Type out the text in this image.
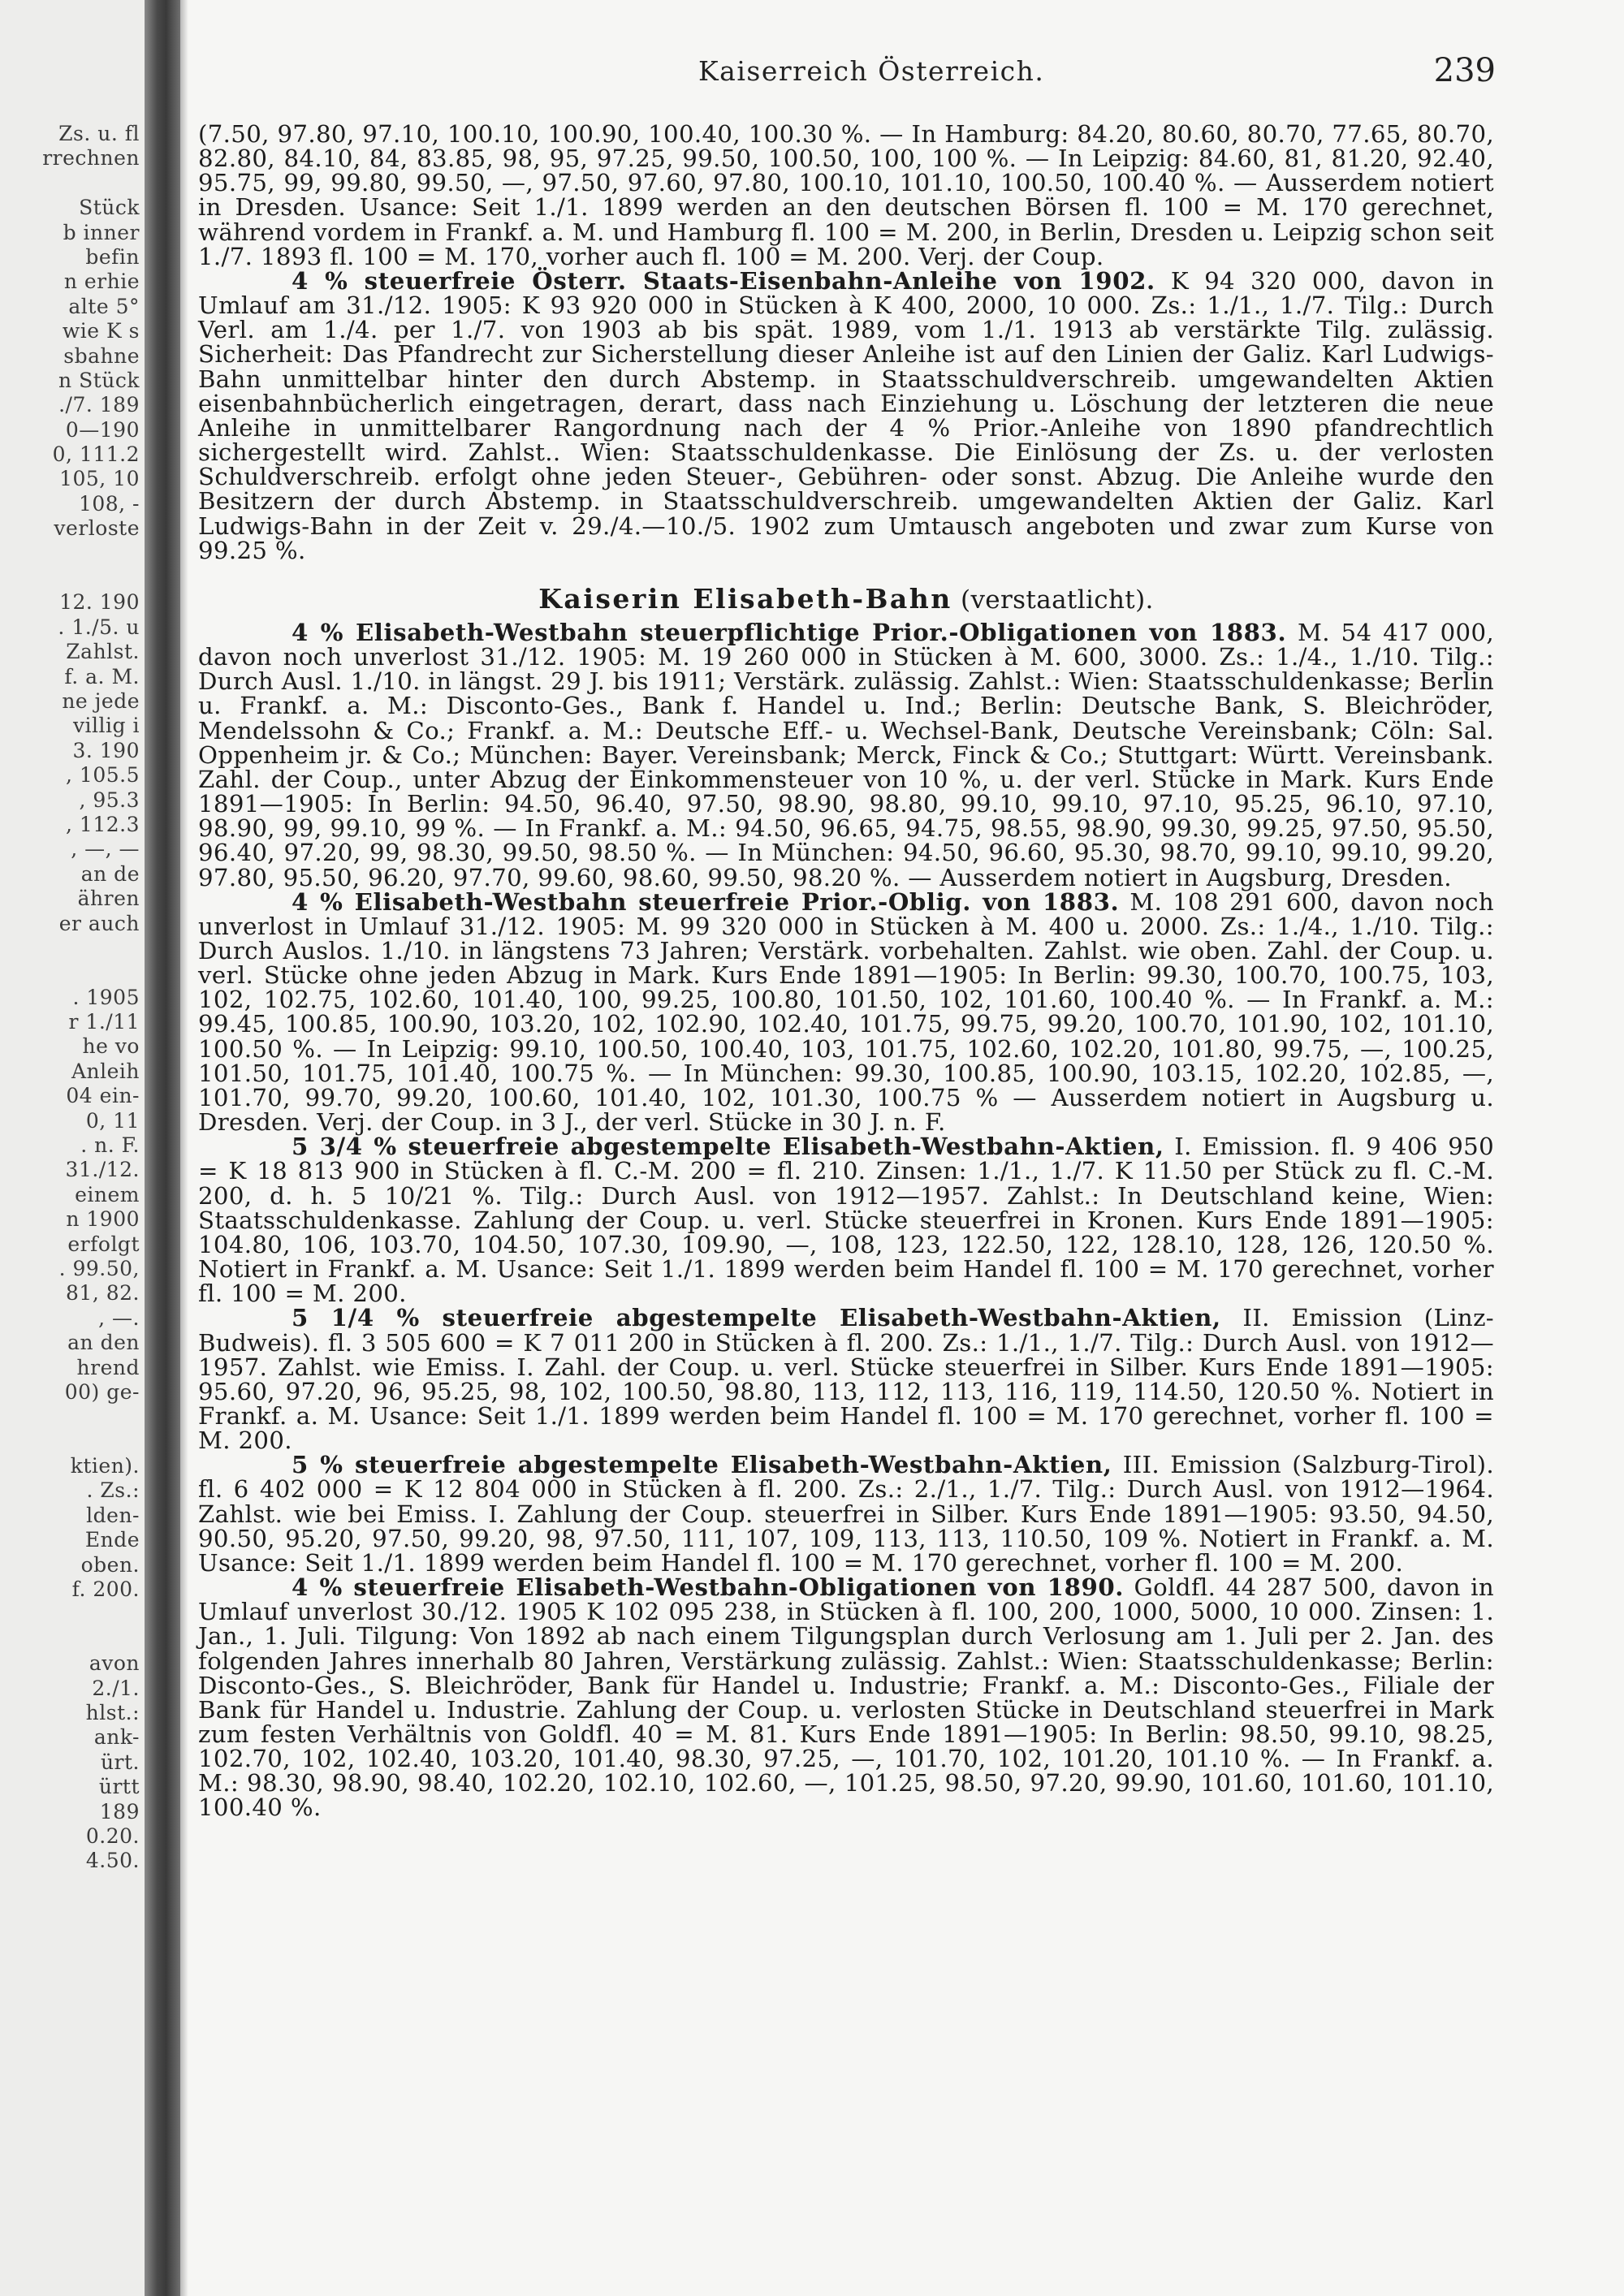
Zs. u. fl
rrechnen
Stück
b inner
befin
n erhie
alte 5°
wie K s
sbahne
n Stück
./7. 189
0—190
0, 111.2
105, 10
108, -
verloste
12. 190
. 1./5. u
Zahlst.
f. a. M.
ne jede
villig i
3. 190
, 105.5
, 95.3
, 112.3
, —, —
an de
ähren
er auch
. 1905
r 1./11
he vo
Anleih
04 ein-
0, 11
. n. F.
31./12.
einem
n 1900
erfolgt
. 99.50,
81, 82.
, —.
an den
hrend
00) ge-
ktien).
. Zs.:
lden-
Ende
oben.
f. 200.
avon
2./1.
hlst.:
ank-
ürt.
ürtt
189
0.20.
4.50.
Kaiserreich Österreich.	239

(7.50, 97.80, 97.10, 100.10, 100.90, 100.40, 100.30 %. — In Hamburg: 84.20, 80.60, 80.70, 77.65, 80.70, 82.80, 84.10, 84, 83.85, 98, 95, 97.25, 99.50, 100.50, 100, 100 %. — In Leipzig: 84.60, 81, 81.20, 92.40, 95.75, 99, 99.80, 99.50, —, 97.50, 97.60, 97.80, 100.10, 101.10, 100.50, 100.40 %. — Ausserdem notiert in Dresden. Usance: Seit 1./1. 1899 werden an den deutschen Börsen fl. 100 = M. 170 gerechnet, während vordem in Frankf. a. M. und Hamburg fl. 100 = M. 200, in Berlin, Dresden u. Leipzig schon seit 1./7. 1893 fl. 100 = M. 170, vorher auch fl. 100 = M. 200. Verj. der Coup.

4 % steuerfreie Österr. Staats-Eisenbahn-Anleihe von 1902. K 94 320 000, davon in Umlauf am 31./12. 1905: K 93 920 000 in Stücken à K 400, 2000, 10 000. Zs.: 1./1., 1./7. Tilg.: Durch Verl. am 1./4. per 1./7. von 1903 ab bis spät. 1989, vom 1./1. 1913 ab verstärkte Tilg. zulässig. Sicherheit: Das Pfandrecht zur Sicherstellung dieser Anleihe ist auf den Linien der Galiz. Karl Ludwigs-Bahn unmittelbar hinter den durch Abstemp. in Staatsschuldverschreib. umgewandelten Aktien eisenbahnbücherlich eingetragen, derart, dass nach Einziehung u. Löschung der letzteren die neue Anleihe in unmittelbarer Rangordnung nach der 4 % Prior.-Anleihe von 1890 pfandrechtlich sichergestellt wird. Zahlst.. Wien: Staatsschuldenkasse. Die Einlösung der Zs. u. der verlosten Schuldverschreib. erfolgt ohne jeden Steuer-, Gebühren- oder sonst. Abzug. Die Anleihe wurde den Besitzern der durch Abstemp. in Staatsschuldverschreib. umgewandelten Aktien der Galiz. Karl Ludwigs-Bahn in der Zeit v. 29./4.—10./5. 1902 zum Umtausch angeboten und zwar zum Kurse von 99.25 %.

Kaiserin Elisabeth-Bahn (verstaatlicht).

4 % Elisabeth-Westbahn steuerpflichtige Prior.-Obligationen von 1883. M. 54 417 000, davon noch unverlost 31./12. 1905: M. 19 260 000 in Stücken à M. 600, 3000. Zs.: 1./4., 1./10. Tilg.: Durch Ausl. 1./10. in längst. 29 J. bis 1911; Verstärk. zulässig. Zahlst.: Wien: Staatsschuldenkasse; Berlin u. Frankf. a. M.: Disconto-Ges., Bank f. Handel u. Ind.; Berlin: Deutsche Bank, S. Bleichröder, Mendelssohn & Co.; Frankf. a. M.: Deutsche Eff.- u. Wechsel-Bank, Deutsche Vereinsbank; Cöln: Sal. Oppenheim jr. & Co.; München: Bayer. Vereinsbank; Merck, Finck & Co.; Stuttgart: Württ. Vereinsbank. Zahl. der Coup., unter Abzug der Einkommensteuer von 10 %, u. der verl. Stücke in Mark. Kurs Ende 1891—1905: In Berlin: 94.50, 96.40, 97.50, 98.90, 98.80, 99.10, 99.10, 97.10, 95.25, 96.10, 97.10, 98.90, 99, 99.10, 99 %. — In Frankf. a. M.: 94.50, 96.65, 94.75, 98.55, 98.90, 99.30, 99.25, 97.50, 95.50, 96.40, 97.20, 99, 98.30, 99.50, 98.50 %. — In München: 94.50, 96.60, 95.30, 98.70, 99.10, 99.10, 99.20, 97.80, 95.50, 96.20, 97.70, 99.60, 98.60, 99.50, 98.20 %. — Ausserdem notiert in Augsburg, Dresden.

4 % Elisabeth-Westbahn steuerfreie Prior.-Oblig. von 1883. M. 108 291 600, davon noch unverlost in Umlauf 31./12. 1905: M. 99 320 000 in Stücken à M. 400 u. 2000. Zs.: 1./4., 1./10. Tilg.: Durch Auslos. 1./10. in längstens 73 Jahren; Verstärk. vorbehalten. Zahlst. wie oben. Zahl. der Coup. u. verl. Stücke ohne jeden Abzug in Mark. Kurs Ende 1891—1905: In Berlin: 99.30, 100.70, 100.75, 103, 102, 102.75, 102.60, 101.40, 100, 99.25, 100.80, 101.50, 102, 101.60, 100.40 %. — In Frankf. a. M.: 99.45, 100.85, 100.90, 103.20, 102, 102.90, 102.40, 101.75, 99.75, 99.20, 100.70, 101.90, 102, 101.10, 100.50 %. — In Leipzig: 99.10, 100.50, 100.40, 103, 101.75, 102.60, 102.20, 101.80, 99.75, —, 100.25, 101.50, 101.75, 101.40, 100.75 %. — In München: 99.30, 100.85, 100.90, 103.15, 102.20, 102.85, —, 101.70, 99.70, 99.20, 100.60, 101.40, 102, 101.30, 100.75 % — Ausserdem notiert in Augsburg u. Dresden. Verj. der Coup. in 3 J., der verl. Stücke in 30 J. n. F.

5 3/4 % steuerfreie abgestempelte Elisabeth-Westbahn-Aktien, I. Emission. fl. 9 406 950 = K 18 813 900 in Stücken à fl. C.-M. 200 = fl. 210. Zinsen: 1./1., 1./7. K 11.50 per Stück zu fl. C.-M. 200, d. h. 5 10/21 %. Tilg.: Durch Ausl. von 1912—1957. Zahlst.: In Deutschland keine, Wien: Staatsschuldenkasse. Zahlung der Coup. u. verl. Stücke steuerfrei in Kronen. Kurs Ende 1891—1905: 104.80, 106, 103.70, 104.50, 107.30, 109.90, —, 108, 123, 122.50, 122, 128.10, 128, 126, 120.50 %. Notiert in Frankf. a. M. Usance: Seit 1./1. 1899 werden beim Handel fl. 100 = M. 170 gerechnet, vorher fl. 100 = M. 200.

5 1/4 % steuerfreie abgestempelte Elisabeth-Westbahn-Aktien, II. Emission (Linz-Budweis). fl. 3 505 600 = K 7 011 200 in Stücken à fl. 200. Zs.: 1./1., 1./7. Tilg.: Durch Ausl. von 1912—1957. Zahlst. wie Emiss. I. Zahl. der Coup. u. verl. Stücke steuerfrei in Silber. Kurs Ende 1891—1905: 95.60, 97.20, 96, 95.25, 98, 102, 100.50, 98.80, 113, 112, 113, 116, 119, 114.50, 120.50 %. Notiert in Frankf. a. M. Usance: Seit 1./1. 1899 werden beim Handel fl. 100 = M. 170 gerechnet, vorher fl. 100 = M. 200.

5 % steuerfreie abgestempelte Elisabeth-Westbahn-Aktien, III. Emission (Salzburg-Tirol). fl. 6 402 000 = K 12 804 000 in Stücken à fl. 200. Zs.: 2./1., 1./7. Tilg.: Durch Ausl. von 1912—1964. Zahlst. wie bei Emiss. I. Zahlung der Coup. steuerfrei in Silber. Kurs Ende 1891—1905: 93.50, 94.50, 90.50, 95.20, 97.50, 99.20, 98, 97.50, 111, 107, 109, 113, 113, 110.50, 109 %. Notiert in Frankf. a. M. Usance: Seit 1./1. 1899 werden beim Handel fl. 100 = M. 170 gerechnet, vorher fl. 100 = M. 200.

4 % steuerfreie Elisabeth-Westbahn-Obligationen von 1890. Goldfl. 44 287 500, davon in Umlauf unverlost 30./12. 1905 K 102 095 238, in Stücken à fl. 100, 200, 1000, 5000, 10 000. Zinsen: 1. Jan., 1. Juli. Tilgung: Von 1892 ab nach einem Tilgungsplan durch Verlosung am 1. Juli per 2. Jan. des folgenden Jahres innerhalb 80 Jahren, Verstärkung zulässig. Zahlst.: Wien: Staatsschuldenkasse; Berlin: Disconto-Ges., S. Bleichröder, Bank für Handel u. Industrie; Frankf. a. M.: Disconto-Ges., Filiale der Bank für Handel u. Industrie. Zahlung der Coup. u. verlosten Stücke in Deutschland steuerfrei in Mark zum festen Verhältnis von Goldfl. 40 = M. 81. Kurs Ende 1891—1905: In Berlin: 98.50, 99.10, 98.25, 102.70, 102, 102.40, 103.20, 101.40, 98.30, 97.25, —, 101.70, 102, 101.20, 101.10 %. — In Frankf. a. M.: 98.30, 98.90, 98.40, 102.20, 102.10, 102.60, —, 101.25, 98.50, 97.20, 99.90, 101.60, 101.60, 101.10, 100.40 %.
